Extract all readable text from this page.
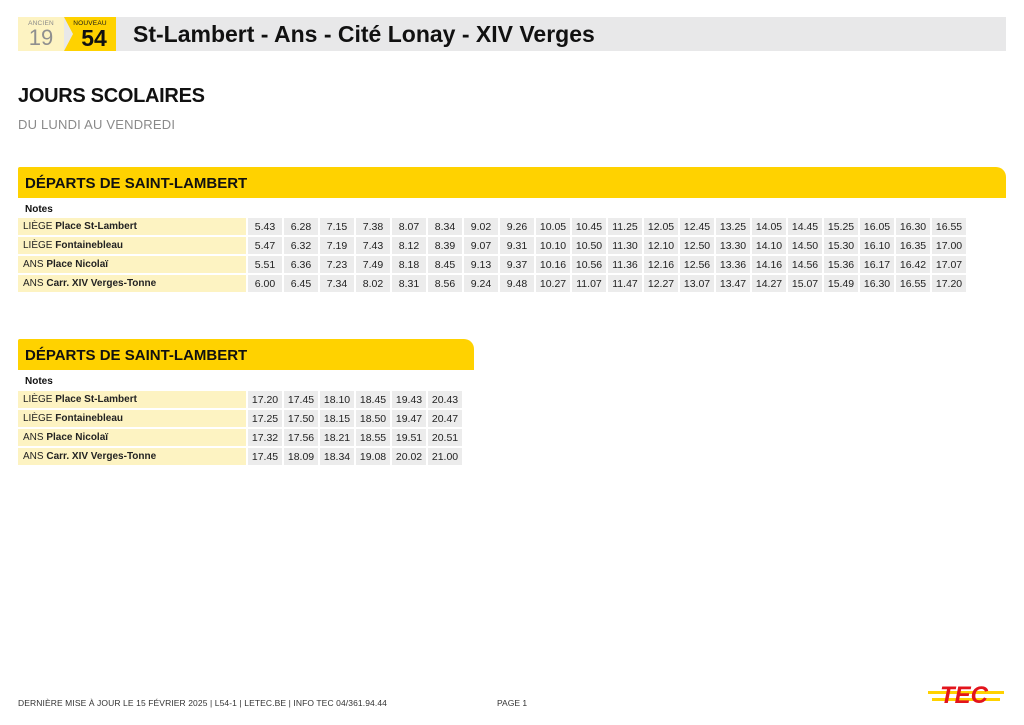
ANCIEN
19
NOUVEAU
54	St-Lambert - Ans - Cité Lonay - XIV Verges
JOURS SCOLAIRES
DU LUNDI AU VENDREDI
DÉPARTS DE SAINT-LAMBERT
Notes
LIÈGE Place St-Lambert	5.43	6.28	7.15	7.38	8.07	8.34	9.02	9.26	10.05	10.45	11.25	12.05	12.45	13.25	14.05	14.45	15.25	16.05	16.30	16.55
LIÈGE Fontainebleau	5.47	6.32	7.19	7.43	8.12	8.39	9.07	9.31	10.10	10.50	11.30	12.10	12.50	13.30	14.10	14.50	15.30	16.10	16.35	17.00
ANS Place Nicolaï	5.51	6.36	7.23	7.49	8.18	8.45	9.13	9.37	10.16	10.56	11.36	12.16	12.56	13.36	14.16	14.56	15.36	16.17	16.42	17.07
ANS Carr. XIV Verges-Tonne	6.00	6.45	7.34	8.02	8.31	8.56	9.24	9.48	10.27	11.07	11.47	12.27	13.07	13.47	14.27	15.07	15.49	16.30	16.55	17.20
DÉPARTS DE SAINT-LAMBERT
Notes
LIÈGE Place St-Lambert	17.20	17.45	18.10	18.45	19.43	20.43
LIÈGE Fontainebleau	17.25	17.50	18.15	18.50	19.47	20.47
ANS Place Nicolaï	17.32	17.56	18.21	18.55	19.51	20.51
ANS Carr. XIV Verges-Tonne	17.45	18.09	18.34	19.08	20.02	21.00
DERNIÈRE MISE À JOUR LE 15 FÉVRIER 2025 | L54-1 | LETEC.BE | INFO TEC 04/361.94.44	PAGE 1	TEC
